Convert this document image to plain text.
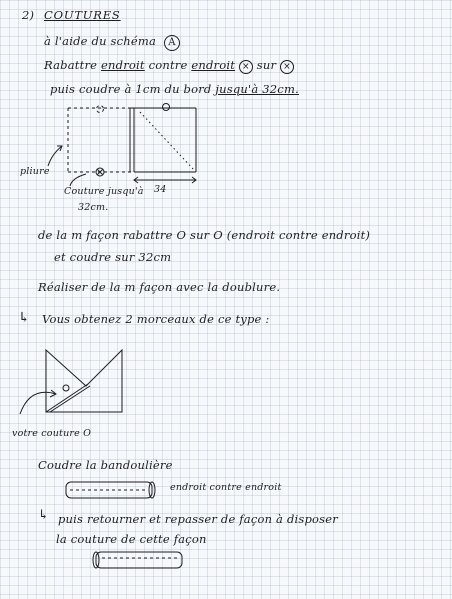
2) COUTURES
à l'aide du schéma A
Rabattre endroit contre endroit × sur ×
puis coudre à 1cm du bord jusqu'à 32cm.
pliure
Couture jusqu'à
32cm.
34
de la m façon rabattre O sur O (endroit contre endroit)
et coudre sur 32cm
Réaliser de la m façon avec la doublure.
↳ Vous obtenez 2 morceaux de ce type :
votre couture O
Coudre la bandoulière
endroit contre endroit
↳ puis retourner et repasser de façon à disposer
la couture de cette façon
